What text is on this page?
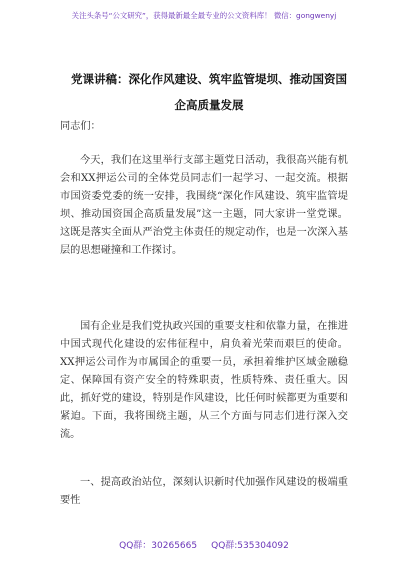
关注头条号“公文研究”，获得最新最全最专业的公文资料库！ 微信：gongwenyj
党课讲稿：深化作风建设、筑牢监管堤坝、推动国资国企高质量发展

同志们：

今天，我们在这里举行支部主题党日活动，我很高兴能有机会和XX押运公司的全体党员同志们一起学习、一起交流。根据市国资委党委的统一安排，我围绕“深化作风建设、筑牢监管堤坝、推动国资国企高质量发展”这一主题，同大家讲一堂党课。这既是落实全面从严治党主体责任的规定动作，也是一次深入基层的思想碰撞和工作探讨。

国有企业是我们党执政兴国的重要支柱和依靠力量，在推进中国式现代化建设的宏伟征程中，肩负着光荣而艰巨的使命。XX押运公司作为市属国企的重要一员，承担着维护区域金融稳定、保障国有资产安全的特殊职责，性质特殊、责任重大。因此，抓好党的建设，特别是作风建设，比任何时候都更为重要和紧迫。下面，我将围绕主题，从三个方面与同志们进行深入交流。

一、提高政治站位，深刻认识新时代加强作风建设的极端重要性

QQ群：30265665 QQ群:535304092
